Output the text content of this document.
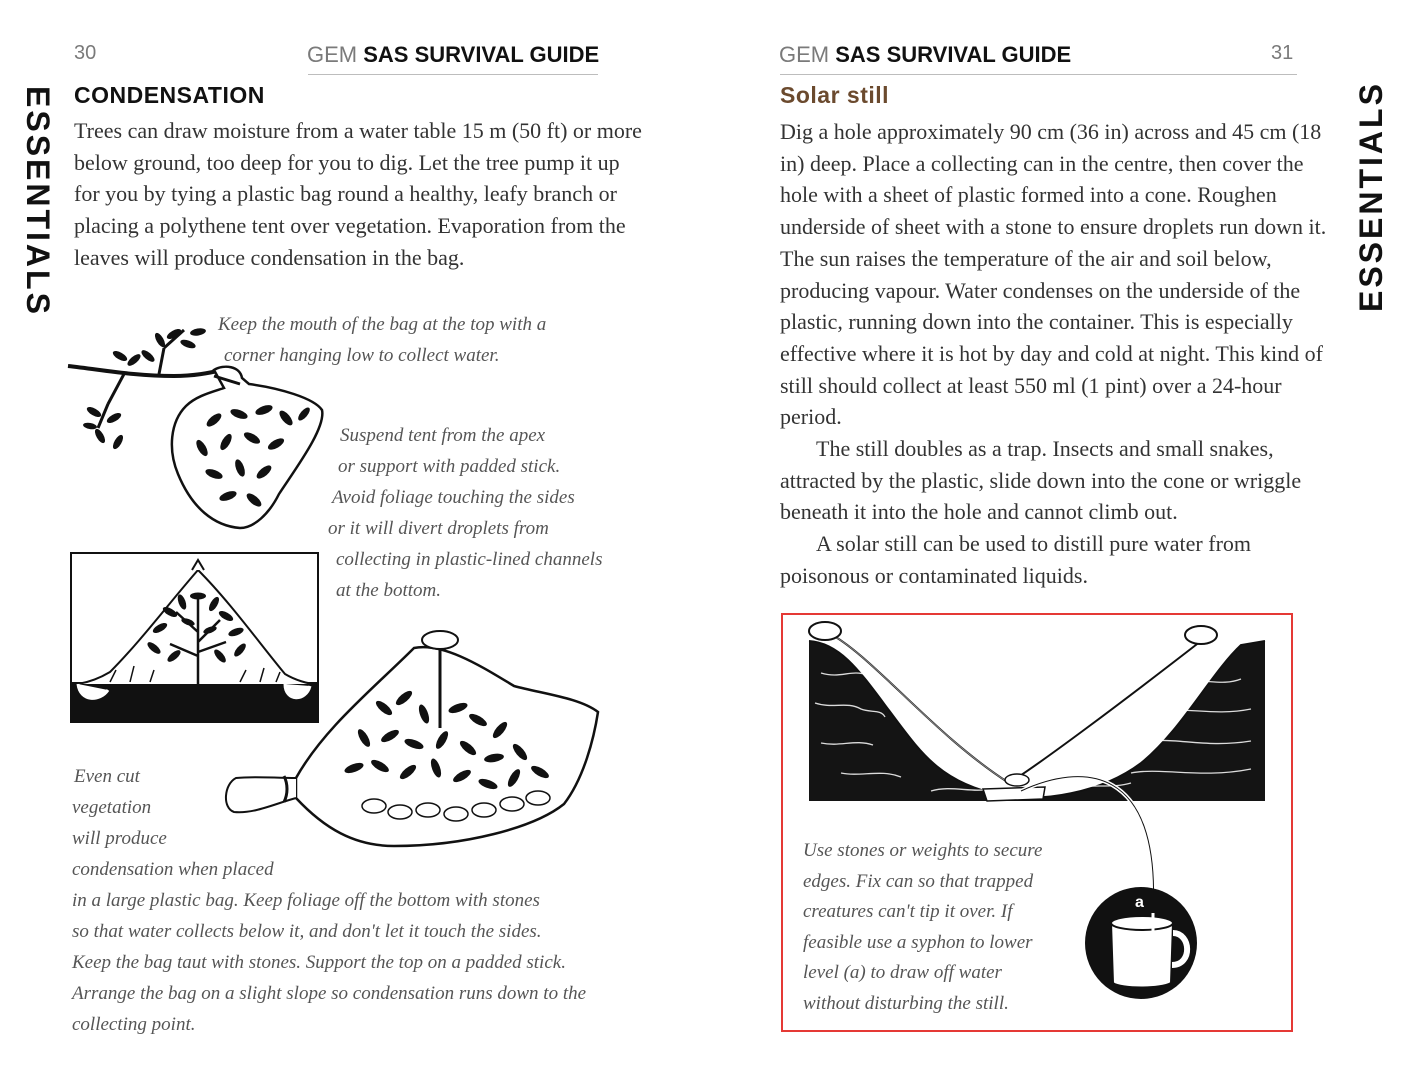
30	GEM SAS SURVIVAL GUIDE
ESSENTIALS CONDENSATION

Trees can draw moisture from a water table 15 m (50 ft) or more below ground, too deep for you to dig. Let the tree pump it up for you by tying a plastic bag round a healthy, leafy branch or placing a polythene tent over vegetation. Evaporation from the leaves will produce condensation in the bag.

Keep the mouth of the bag at the top with a
corner hanging low to collect water.
Suspend tent from the apex
or support with padded stick.
Avoid foliage touching the sides
or it will divert droplets from
collecting in plastic-lined channels
at the bottom.
Even cut
vegetation
will produce
condensation when placed
in a large plastic bag. Keep foliage off the bottom with stones
so that water collects below it, and don't let it touch the sides.
Keep the bag taut with stones. Support the top on a padded stick.
Arrange the bag on a slight slope so condensation runs down to the
collecting point.
GEM SAS SURVIVAL GUIDE	31
ESSENTIALS
Solar still

Dig a hole approximately 90 cm (36 in) across and 45 cm (18 in) deep. Place a collecting can in the centre, then cover the hole with a sheet of plastic formed into a cone. Roughen underside of sheet with a stone to ensure droplets run down it. The sun raises the temperature of the air and soil below, producing vapour. Water condenses on the underside of the plastic, running down into the container. This is especially effective where it is hot by day and cold at night. This kind of still should collect at least 550 ml (1 pint) over a 24-hour period.

The still doubles as a trap. Insects and small snakes, attracted by the plastic, slide down into the cone or wriggle beneath it into the hole and cannot climb out.

A solar still can be used to distill pure water from poisonous or contaminated liquids.

a
Use stones or weights to secure
edges. Fix can so that trapped
creatures can't tip it over. If
feasible use a syphon to lower
level (a) to draw off water
without disturbing the still.
